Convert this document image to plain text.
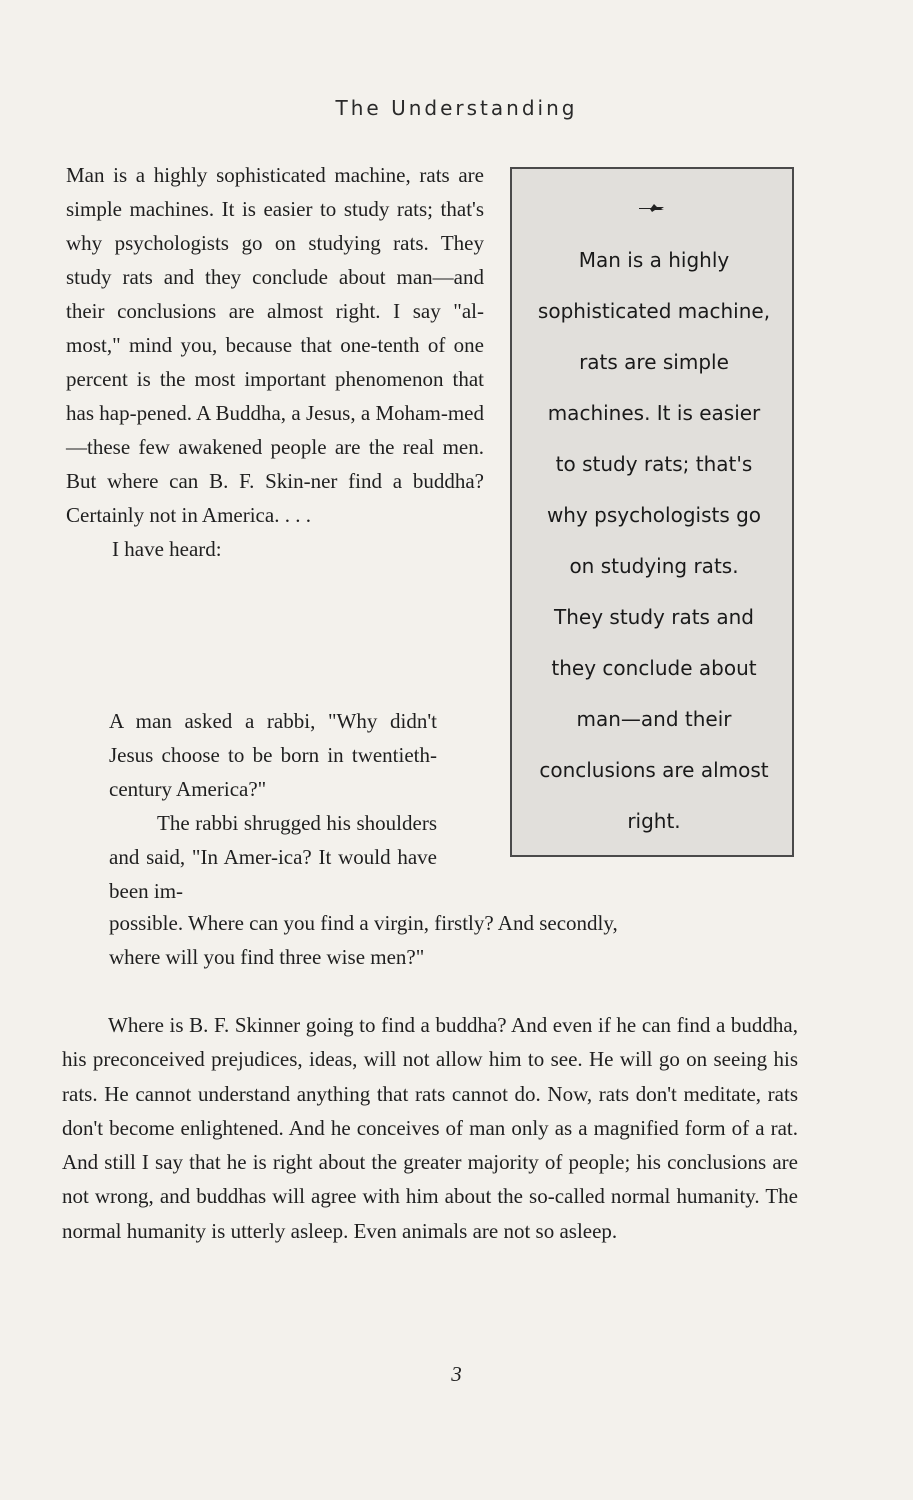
The Understanding

Man is a highly sophisticated machine, rats are simple machines. It is easier to study rats; that's why psychologists go on studying rats. They study rats and they conclude about man—and their conclusions are almost right. I say "al-most," mind you, because that one-tenth of one percent is the most important phenomenon that has hap-pened. A Buddha, a Jesus, a Moham-med—these few awakened people are the real men. But where can B. F. Skin-ner find a buddha? Certainly not in America. . . .

I have heard:

A man asked a rabbi, "Why didn't Jesus choose to be born in twentieth-century America?"

The rabbi shrugged his shoulders and said, "In Amer-ica? It would have been im-

possible. Where can you find a virgin, firstly? And secondly,

where will you find three wise men?"

Where is B. F. Skinner going to find a buddha? And even if he can find a buddha, his preconceived prejudices, ideas, will not allow him to see. He will go on seeing his rats. He cannot understand anything that rats cannot do. Now, rats don't meditate, rats don't become enlightened. And he conceives of man only as a magnified form of a rat. And still I say that he is right about the greater majority of people; his conclusions are not wrong, and buddhas will agree with him about the so-called normal humanity. The normal humanity is utterly asleep. Even animals are not so asleep.

Man is a highly
sophisticated machine,
rats are simple
machines. It is easier
to study rats; that's
why psychologists go
on studying rats.
They study rats and
they conclude about
man—and their
conclusions are almost
right.
3
